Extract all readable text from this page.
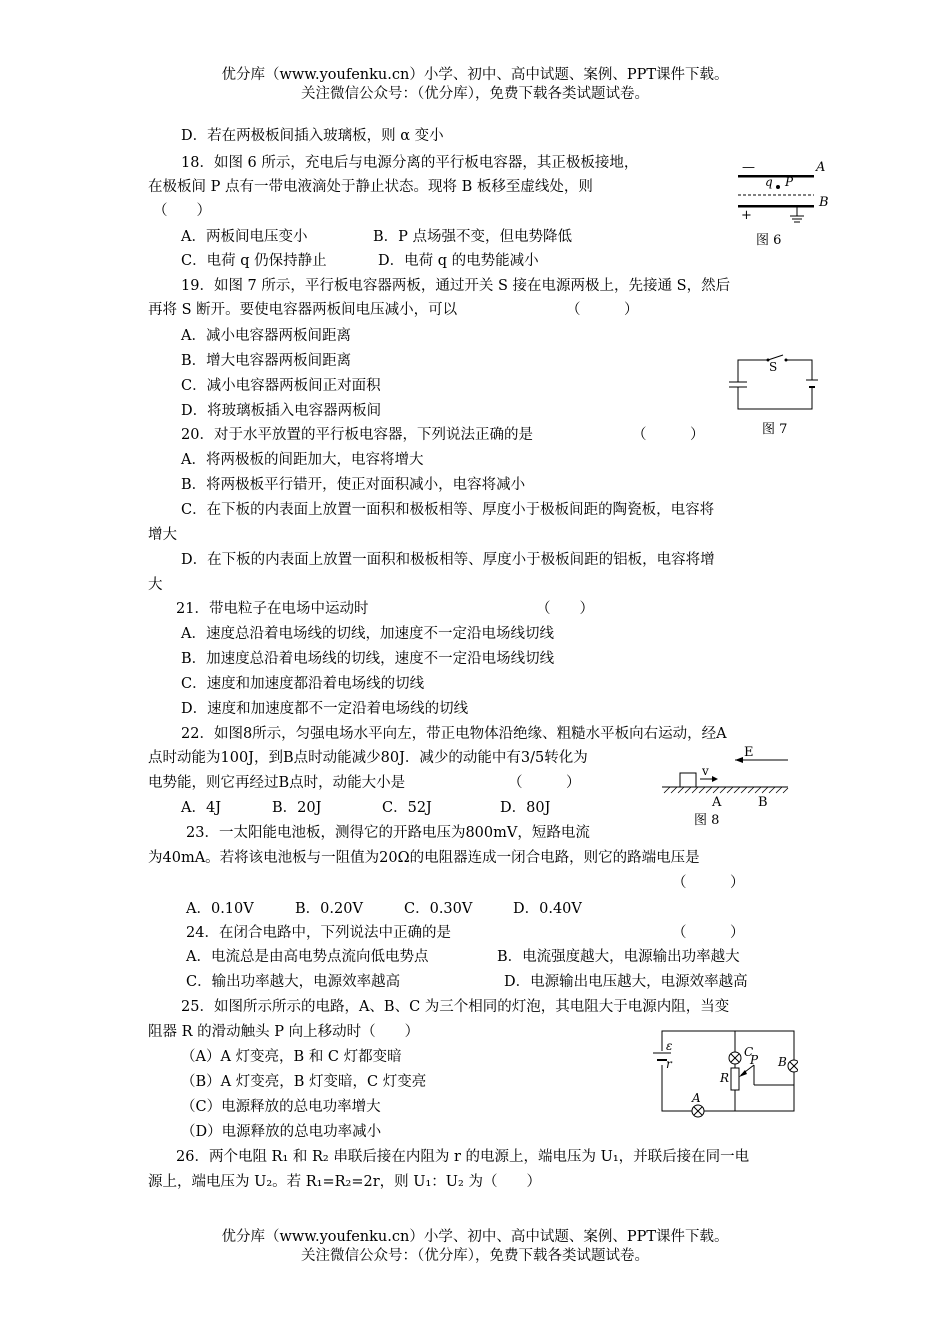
优分库（www.youfenku.cn）小学、初中、高中试题、案例、PPT课件下载。
关注微信公众号：（优分库），免费下载各类试题试卷。
D．若在两极板间插入玻璃板，则 α 变小
18．如图 6 所示，充电后与电源分离的平行板电容器，其正极板接地，
在极板间 P 点有一带电液滴处于静止状态。现将 B 板移至虚线处，则
（　　）
A．两板间电压变小	B．P 点场强不变，但电势降低
C．电荷 q 仍保持静止	D．电荷 q 的电势能减小
—	A
q P
B
+
图 6
19．如图 7 所示，平行板电容器两板，通过开关 S 接在电源两极上，先接通 S，然后
再将 S 断开。要使电容器两板间电压减小，可以	（　　　）
A．减小电容器两板间距离
B．增大电容器两板间距离
C．减小电容器两板间正对面积
D．将玻璃板插入电容器两板间
S
图 7
20．对于水平放置的平行板电容器，下列说法正确的是	（　　　）
A．将两极板的间距加大，电容将增大
B．将两极板平行错开，使正对面积减小，电容将减小
C．在下板的内表面上放置一面积和极板相等、厚度小于极板间距的陶瓷板，电容将
增大
D．在下板的内表面上放置一面积和极板相等、厚度小于极板间距的铝板，电容将增
大
21．带电粒子在电场中运动时	（　　）
A．速度总沿着电场线的切线，加速度不一定沿电场线切线
B．加速度总沿着电场线的切线，速度不一定沿电场线切线
C．速度和加速度都沿着电场线的切线
D．速度和加速度都不一定沿着电场线的切线
22．如图8所示，匀强电场水平向左，带正电物体沿绝缘、粗糙水平板向右运动，经A
点时动能为100J，到B点时动能减少80J．减少的动能中有3/5转化为
电势能，则它再经过B点时，动能大小是	（　　　）
A．4J	B．20J	C．52J	D．80J
E
v
A	B
图 8
23．一太阳能电池板，测得它的开路电压为800mV，短路电流
为40mA。若将该电池板与一阻值为20Ω的电阻器连成一闭合电路，则它的路端电压是
（　　　）
A．0.10V	B．0.20V	C．0.30V	D．0.40V
24．在闭合电路中，下列说法中正确的是	（　　　）
A．电流总是由高电势点流向低电势点	B．电流强度越大，电源输出功率越大
C．输出功率越大，电源效率越高	D．电源输出电压越大，电源效率越高
25．如图所示所示的电路，A、B、C 为三个相同的灯泡，其电阻大于电源内阻，当变
阻器 R 的滑动触头 P 向上移动时（　　）
（A）A 灯变亮，B 和 C 灯都变暗
（B）A 灯变亮，B 灯变暗，C 灯变亮
（C）电源释放的总电功率增大
（D）电源释放的总电功率减小
ε
r
C
R
P B
A
26．两个电阻 R₁ 和 R₂ 串联后接在内阻为 r 的电源上，端电压为 U₁，并联后接在同一电
源上，端电压为 U₂。若 R₁=R₂=2r，则 U₁：U₂ 为（　　）
优分库（www.youfenku.cn）小学、初中、高中试题、案例、PPT课件下载。
关注微信公众号：（优分库），免费下载各类试题试卷。
